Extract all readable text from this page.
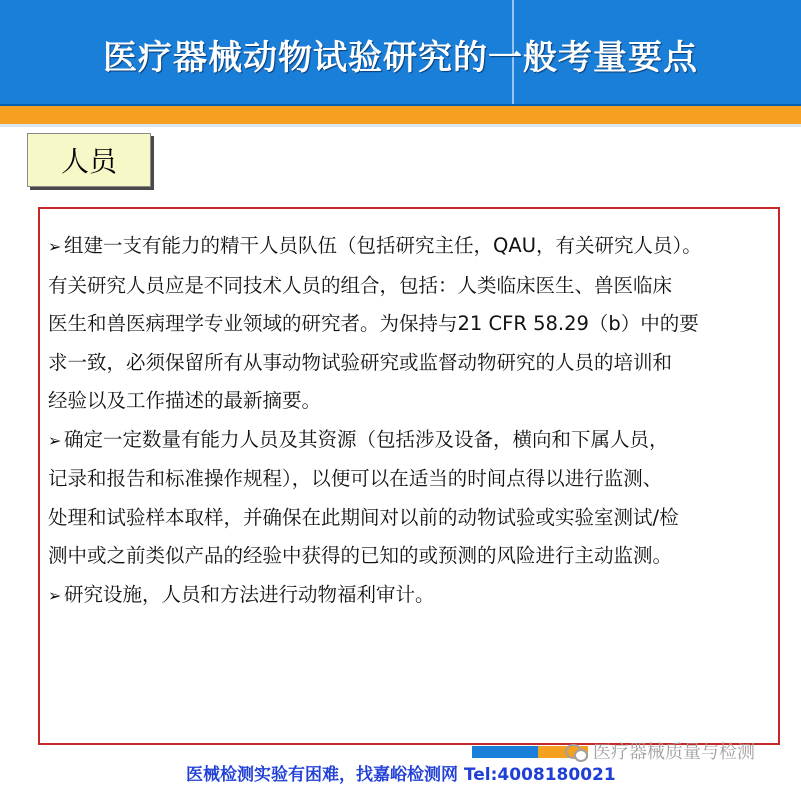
医疗器械动物试验研究的一般考量要点
人员

➢ 组建一支有能力的精干人员队伍（包括研究主任，QAU，有关研究人员）。

有关研究人员应是不同技术人员的组合，包括：人类临床医生、兽医临床

医生和兽医病理学专业领域的研究者。为保持与21 CFR 58.29（b）中的要

求一致，必须保留所有从事动物试验研究或监督动物研究的人员的培训和

经验以及工作描述的最新摘要。

➢ 确定一定数量有能力人员及其资源（包括涉及设备，横向和下属人员，

记录和报告和标准操作规程），以便可以在适当的时间点得以进行监测、

处理和试验样本取样，并确保在此期间对以前的动物试验或实验室测试/检

测中或之前类似产品的经验中获得的已知的或预测的风险进行主动监测。

➢ 研究设施，人员和方法进行动物福利审计。

医疗器械质量与检测
医械检测实验有困难，找嘉峪检测网 Tel:4008180021
